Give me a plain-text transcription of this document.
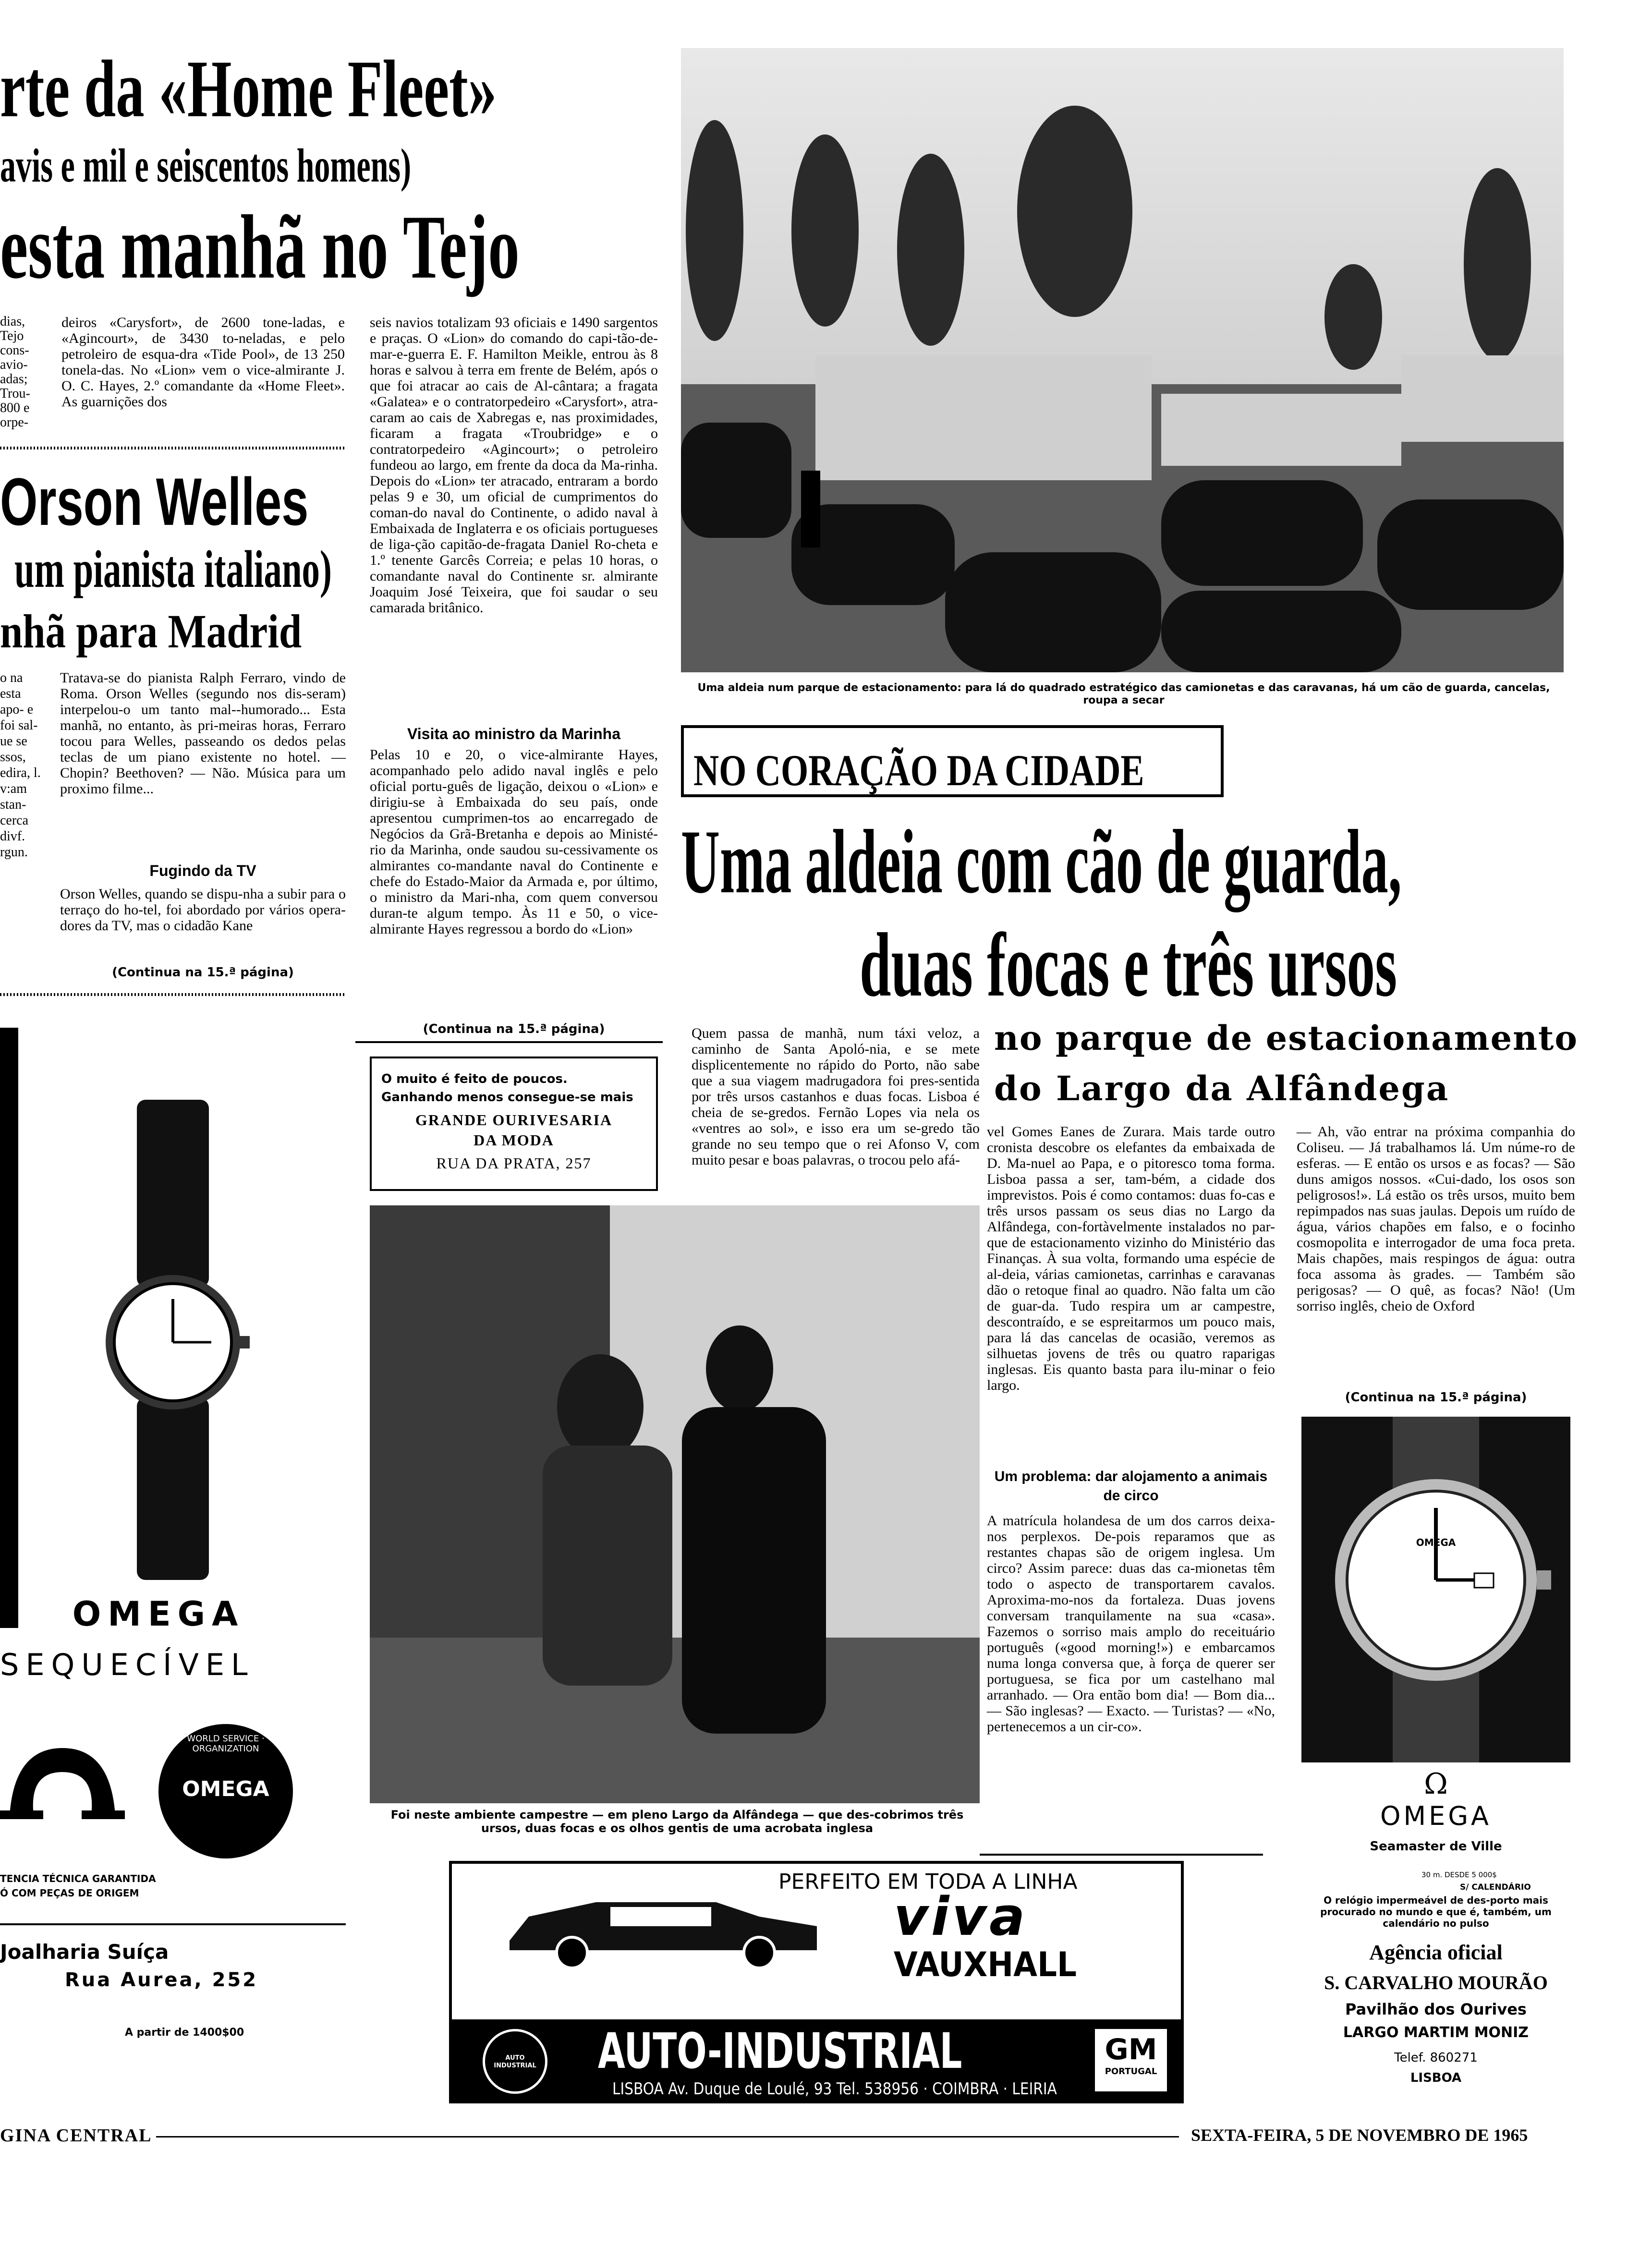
rte da «Home Fleet»
avis e mil e seiscentos homens)
esta manhã no Tejo
dias, Tejo cons- avio- adas; Trou- 800 e orpe-
deiros «Carysfort», de 2600 tone-ladas, e «Agincourt», de 3430 to-neladas, e pelo petroleiro de esqua-dra «Tide Pool», de 13 250 tonela-das. No «Lion» vem o vice-almirante J. O. C. Hayes, 2.º comandante da «Home Fleet». As guarnições dos
seis navios totalizam 93 oficiais e 1490 sargentos e praças. O «Lion» do comando do capi-tão-de-mar-e-guerra E. F. Hamilton Meikle, entrou às 8 horas e salvou à terra em frente de Belém, após o que foi atracar ao cais de Al-cântara; a fragata «Galatea» e o contratorpedeiro «Carysfort», atra-caram ao cais de Xabregas e, nas proximidades, ficaram a fragata «Troubridge» e o contratorpedeiro «Agincourt»; o petroleiro fundeou ao largo, em frente da doca da Ma-rinha. Depois do «Lion» ter atracado, entraram a bordo pelas 9 e 30, um oficial de cumprimentos do coman-do naval do Continente, o adido naval à Embaixada de Inglaterra e os oficiais portugueses de liga-ção capitão-de-fragata Daniel Ro-cheta e 1.º tenente Garcês Correia; e pelas 10 horas, o comandante naval do Continente sr. almirante Joaquim José Teixeira, que foi saudar o seu camarada britânico.
Visita ao ministro da Marinha
Pelas 10 e 20, o vice-almirante Hayes, acompanhado pelo adido naval inglês e pelo oficial portu-guês de ligação, deixou o «Lion» e dirigiu-se à Embaixada do seu país, onde apresentou cumprimen-tos ao encarregado de Negócios da Grã-Bretanha e depois ao Ministé-rio da Marinha, onde saudou su-cessivamente os almirantes co-mandante naval do Continente e chefe do Estado-Maior da Armada e, por último, o ministro da Mari-nha, com quem conversou duran-te algum tempo. Às 11 e 50, o vice-almirante Hayes regressou a bordo do «Lion»
(Continua na 15.ª página)
Orson Welles
um pianista italiano)
nhã para Madrid
o na esta apo- e foi sal- ue se ssos, edira, l. v:am stan- cerca divf. rgun.
Tratava-se do pianista Ralph Ferraro, vindo de Roma. Orson Welles (segundo nos dis-seram) interpelou-o um tanto mal--humorado... Esta manhã, no entanto, às pri-meiras horas, Ferraro tocou para Welles, passeando os dedos pelas teclas de um piano existente no hotel. — Chopin? Beethoven? — Não. Música para um proximo filme...
Fugindo da TV
Orson Welles, quando se dispu-nha a subir para o terraço do ho-tel, foi abordado por vários opera-dores da TV, mas o cidadão Kane
(Continua na 15.ª página)
OMEGA
SEQUECÍVEL
WORLD SERVICE · ORGANIZATION
OMEGA
TENCIA TÉCNICA GARANTIDA
Ó COM PEÇAS DE ORIGEM
Joalharia Suíça
Rua Aurea, 252
A partir de 1400$00
Uma aldeia num parque de estacionamento: para lá do quadrado estratégico das camionetas e das caravanas, há um cão de guarda, cancelas, roupa a secar
NO CORAÇÃO DA CIDADE
Uma aldeia com cão de guarda,
duas focas e três ursos
no parque de estacionamento
do Largo da Alfândega
Quem passa de manhã, num táxi veloz, a caminho de Santa Apoló-nia, e se mete displicentemente no rápido do Porto, não sabe que a sua viagem madrugadora foi pres-sentida por três ursos castanhos e duas focas. Lisboa é cheia de se-gredos. Fernão Lopes via nela os «ventres ao sol», e isso era um se-gredo tão grande no seu tempo que o rei Afonso V, com muito pesar e boas palavras, o trocou pelo afá-
O muito é feito de poucos.
Ganhando menos consegue-se mais
GRANDE OURIVESARIA
DA MODA
RUA DA PRATA, 257
Foi neste ambiente campestre — em pleno Largo da Alfândega — que des-cobrimos três ursos, duas focas e os olhos gentis de uma acrobata inglesa
vel Gomes Eanes de Zurara. Mais tarde outro cronista descobre os elefantes da embaixada de D. Ma-nuel ao Papa, e o pitoresco toma forma. Lisboa passa a ser, tam-bém, a cidade dos imprevistos. Pois é como contamos: duas fo-cas e três ursos passam os seus dias no Largo da Alfândega, con-fortàvelmente instalados no par-que de estacionamento vizinho do Ministério das Finanças. À sua volta, formando uma espécie de al-deia, várias camionetas, carrinhas e caravanas dão o retoque final ao quadro. Não falta um cão de guar-da. Tudo respira um ar campestre, descontraído, e se espreitarmos um pouco mais, para lá das cancelas de ocasião, veremos as silhuetas jovens de três ou quatro raparigas inglesas. Eis quanto basta para ilu-minar o feio largo.
Um problema: dar alojamento a animais de circo
A matrícula holandesa de um dos carros deixa-nos perplexos. De-pois reparamos que as restantes chapas são de origem inglesa. Um circo? Assim parece: duas das ca-mionetas têm todo o aspecto de transportarem cavalos. Aproxima-mo-nos da fortaleza. Duas jovens conversam tranquilamente na sua «casa». Fazemos o sorriso mais amplo do receituário português («good morning!») e embarcamos numa longa conversa que, à força de querer ser portuguesa, se fica por um castelhano mal arranhado. — Ora então bom dia! — Bom dia... — São inglesas? — Exacto. — Turistas? — «No, pertenecemos a un cir-co».
— Ah, vão entrar na próxima companhia do Coliseu. — Já trabalhamos lá. Um núme-ro de esferas. — E então os ursos e as focas? — São duns amigos nossos. «Cui-dado, los osos son peligrosos!». Lá estão os três ursos, muito bem repimpados nas suas jaulas. Depois um ruído de água, vários chapões em falso, e o focinho cosmopolita e interrogador de uma foca preta. Mais chapões, mais respingos de água: outra foca assoma às grades. — Também são perigosas? — O quê, as focas? Não! (Um sorriso inglês, cheio de Oxford
(Continua na 15.ª página)
OMEGA
Ω
OMEGA
Seamaster de Ville
30 m. DESDE 5 000$
S/ CALENDÁRIO
O relógio impermeável de des-porto mais procurado no mundo e que é, também, um calendário no pulso
Agência oficial
S. CARVALHO MOURÃO
Pavilhão dos Ourives
LARGO MARTIM MONIZ
Telef. 860271
LISBOA
PERFEITO EM TODA A LINHA
viva
VAUXHALL
AUTO INDUSTRIAL AUTO-INDUSTRIAL
LISBOA Av. Duque de Loulé, 93 Tel. 538956 · COIMBRA · LEIRIA
GM
PORTUGAL
GINA CENTRAL	SEXTA-FEIRA, 5 DE NOVEMBRO DE 1965
